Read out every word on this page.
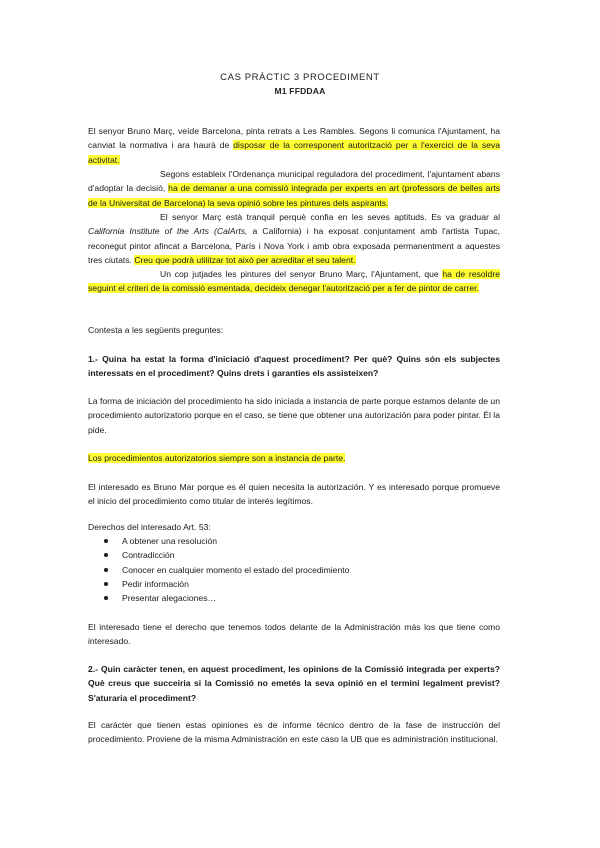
CAS PRÀCTIC 3 PROCEDIMENT
M1 FFDDAA
El senyor Bruno Març, veíde Barcelona, pinta retrats a Les Rambles. Segons li comunica l'Ajuntament, ha canviat la normativa i ara haurà de disposar de la corresponent autorització per a l'exercici de la seva activitat.
Segons estableix l'Ordenança municipal reguladora del procediment, l'ajuntament abans d'adoptar la decisió, ha de demanar a una comissió integrada per experts en art (professors de belles arts de la Universitat de Barcelona) la seva opinió sobre les pintures dels aspirants.
El senyor Març està tranquil perquè confia en les seves aptituds. Es va graduar al California Institute of the Arts (CalArts, a California) i ha exposat conjuntament amb l'artista Tupac, reconegut pintor afincat a Barcelona, París i Nova York i amb obra exposada permanentment a aquestes tres ciutats. Creu que podrà utilitzar tot això per acreditar el seu talent.
Un cop jutjades les pintures del senyor Bruno Març, l'Ajuntament, que ha de resoldre seguint el criteri de la comissió esmentada, decideix denegar l'autorització per a fer de pintor de carrer.
Contesta a les següents preguntes:
1.- Quina ha estat la forma d'iniciació d'aquest procediment? Per què? Quins són els subjectes interessats en el procediment? Quins drets i garanties els assisteixen?
La forma de iniciación del procedimiento ha sido iniciada a instancia de parte porque estamos delante de un procedimiento autorizatorio porque en el caso, se tiene que obtener una autorización para poder pintar. Él la pide.
Los procedimientos autorizatorios siempre son a instancia de parte.
El interesado es Bruno Mar porque es él quien necesita la autorización. Y es interesado porque promueve el inicio del procedimiento como titular de interés legítimos.
Derechos del interesado Art. 53:
A obtener una resolución
Contradicción
Conocer en cualquier momento el estado del procedimiento
Pedir información
Presentar alegaciones…
El interesado tiene el derecho que tenemos todos delante de la Administración más los que tiene como interesado.
2.- Quin caràcter tenen, en aquest procediment, les opinions de la Comissió integrada per experts? Què creus que succeiria si la Comissió no emetés la seva opinió en el termini legalment previst? S'aturaria el procediment?
El carácter que tienen estas opiniones es de informe técnico dentro de la fase de instrucción del procedimiento. Proviene de la misma Administración en este caso la UB que es administración institucional.
